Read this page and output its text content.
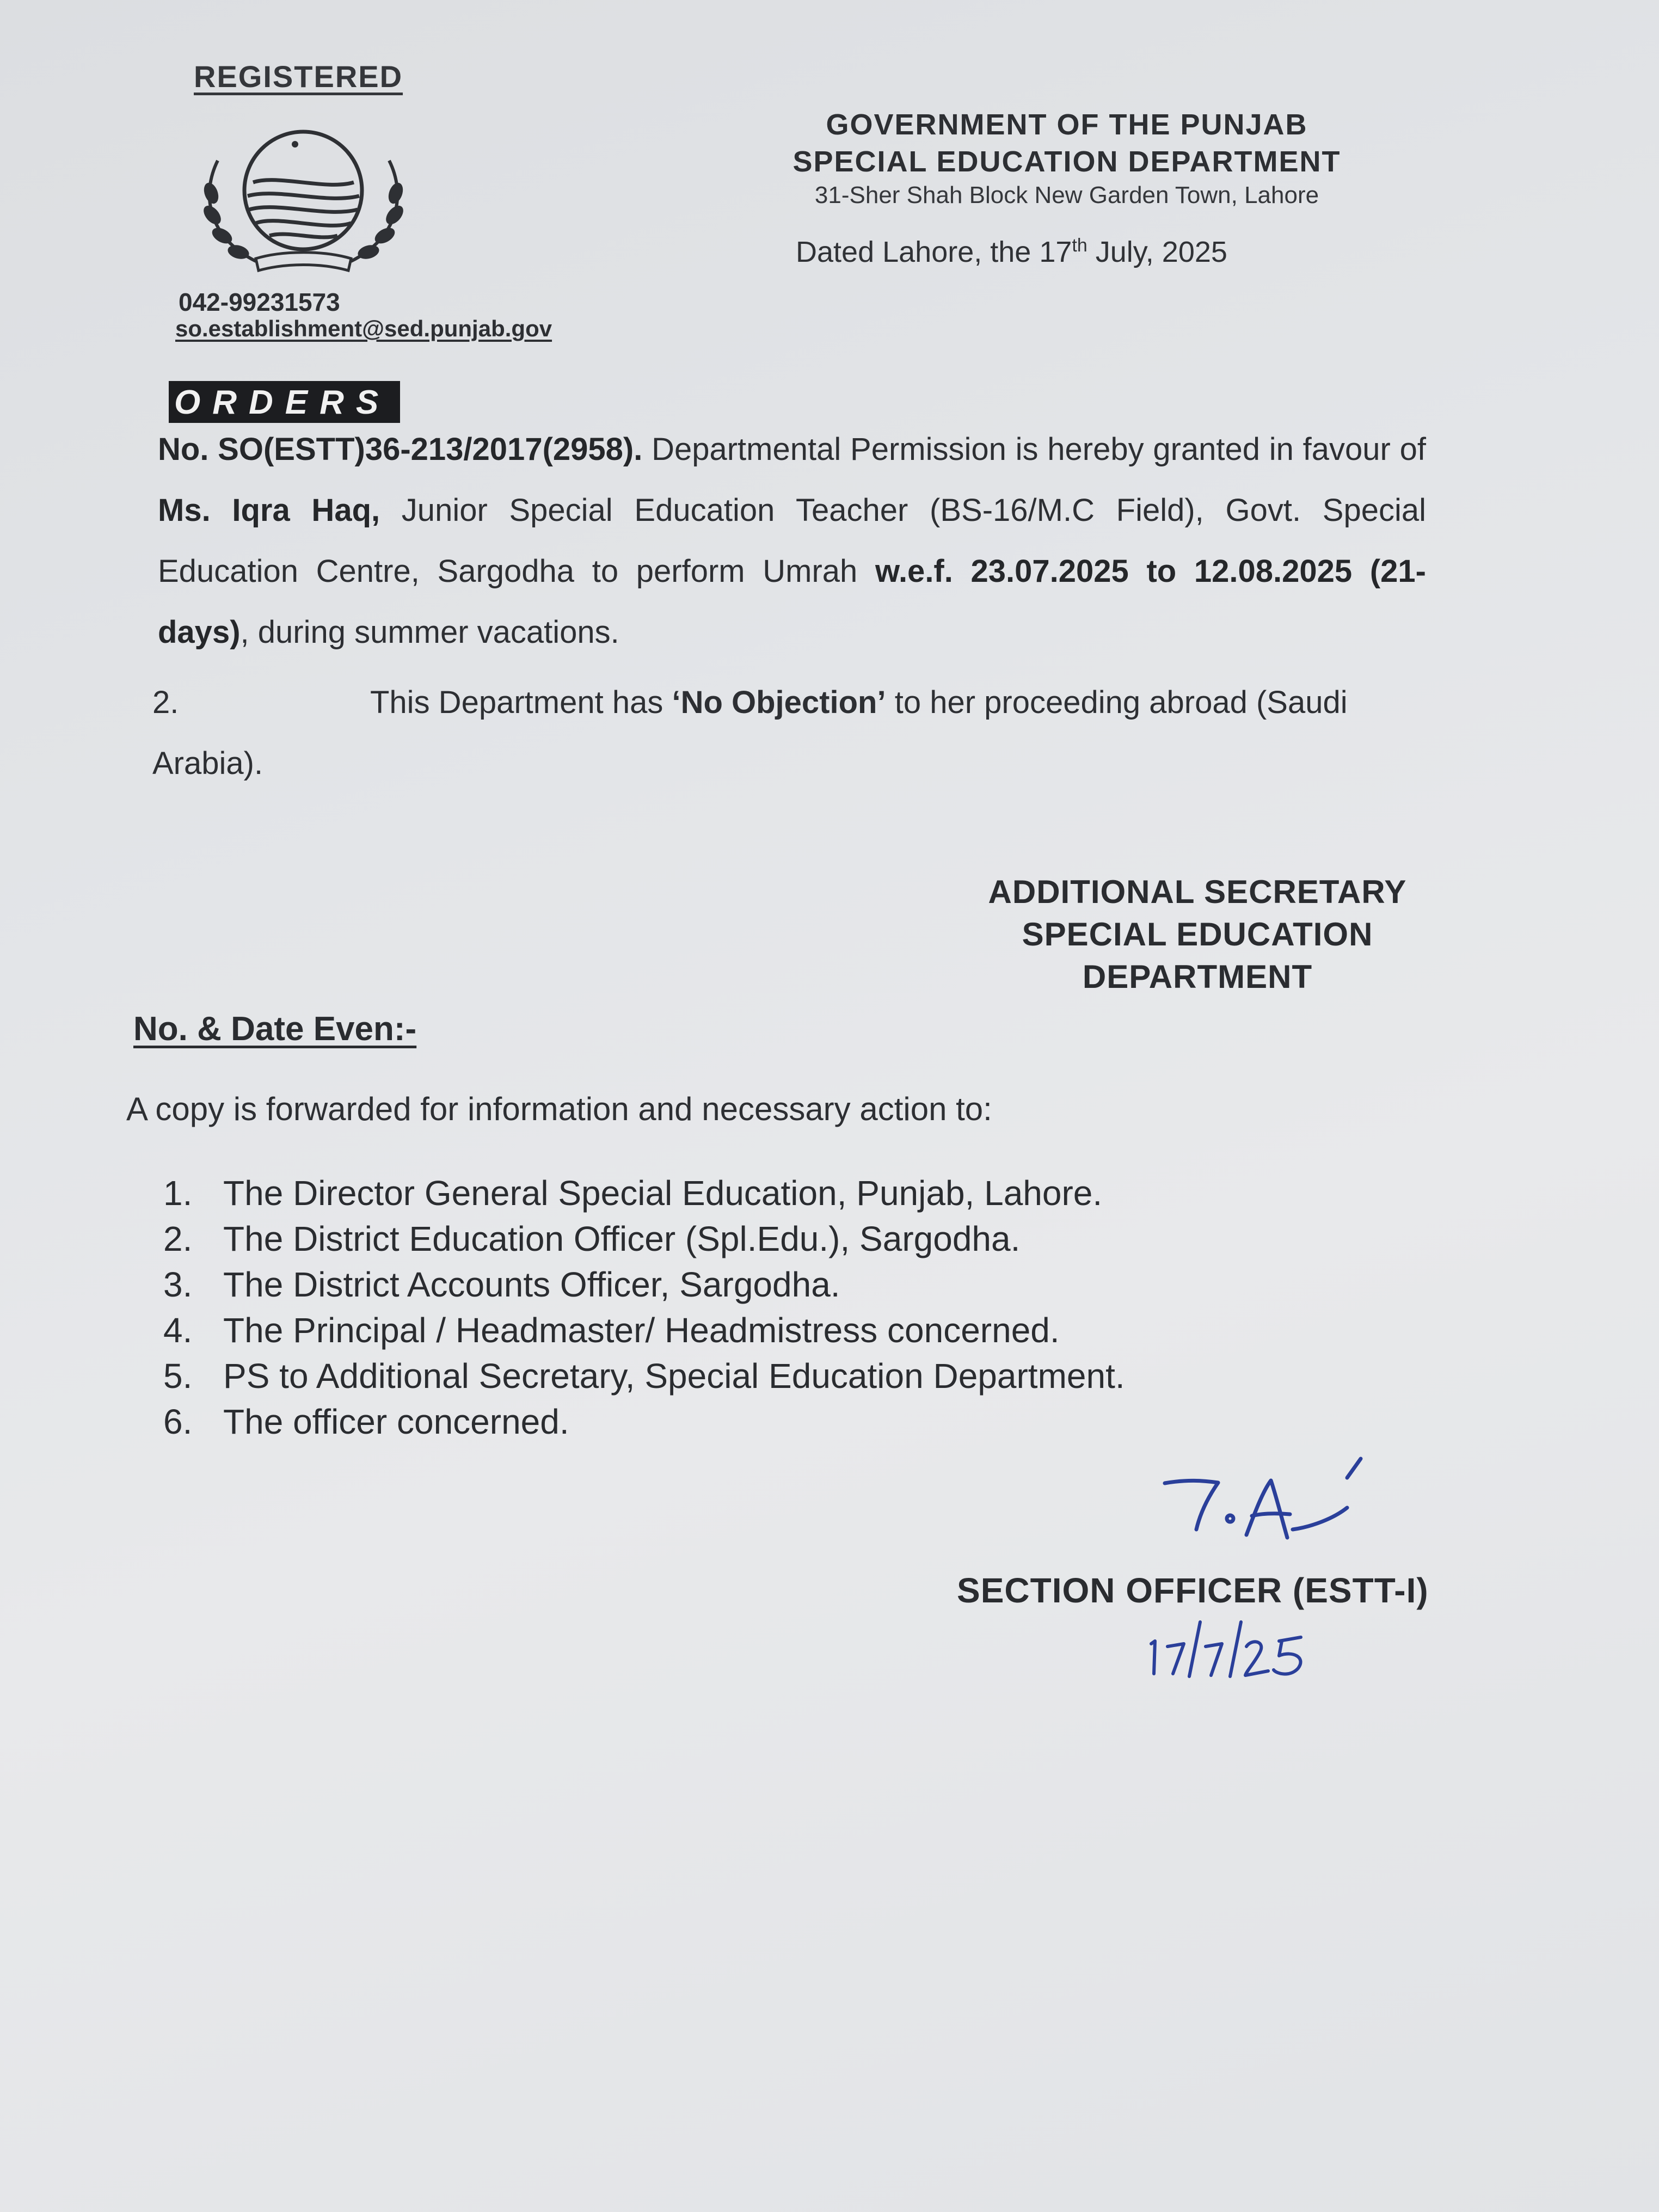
REGISTERED
042-99231573
so.establishment@sed.punjab.gov
GOVERNMENT OF THE PUNJAB
SPECIAL EDUCATION DEPARTMENT
31-Sher Shah Block New Garden Town, Lahore
Dated Lahore, the 17th July, 2025
ORDERS
No. SO(ESTT)36-213/2017(2958). Departmental Permission is hereby granted in favour of Ms. Iqra Haq, Junior Special Education Teacher (BS-16/M.C Field), Govt. Special Education Centre, Sargodha to perform Umrah w.e.f. 23.07.2025 to 12.08.2025 (21-days), during summer vacations.
2.	This Department has ‘No Objection’ to her proceeding abroad (Saudi Arabia).
ADDITIONAL SECRETARY
SPECIAL EDUCATION
DEPARTMENT
No. & Date Even:-
A copy is forwarded for information and necessary action to:
1. The Director General Special Education, Punjab, Lahore.
2. The District Education Officer (Spl.Edu.), Sargodha.
3. The District Accounts Officer, Sargodha.
4. The Principal / Headmaster/ Headmistress concerned.
5. PS to Additional Secretary, Special Education Department.
6. The officer concerned.
SECTION OFFICER (ESTT-I)
